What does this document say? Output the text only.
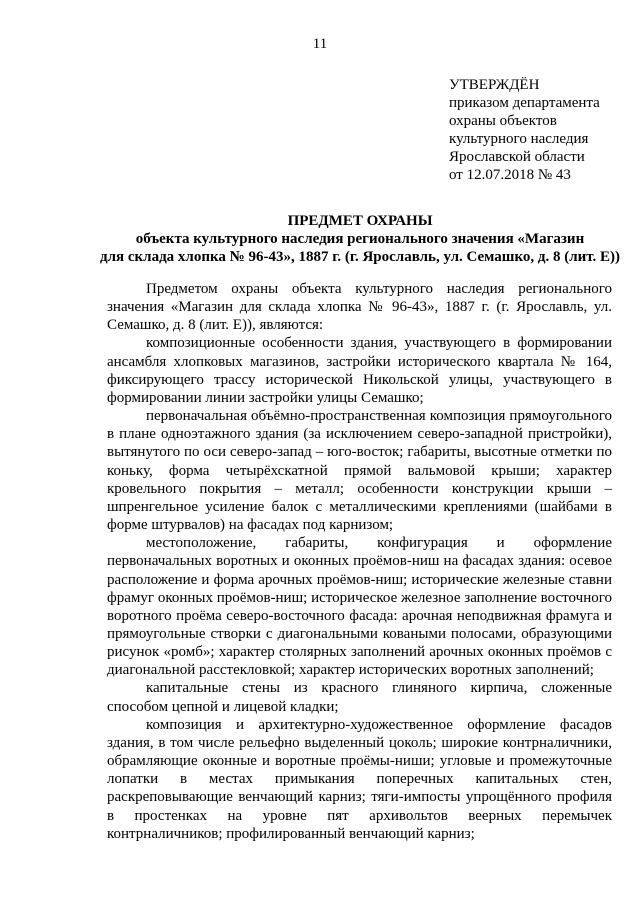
11
УТВЕРЖДЁН
приказом департамента
охраны объектов
культурного наследия
Ярославской области
от 12.07.2018 № 43
ПРЕДМЕТ ОХРАНЫ
объекта культурного наследия регионального значения «Магазин
для склада хлопка № 96-43», 1887 г. (г. Ярославль, ул. Семашко, д. 8 (лит. Е))

Предметом охраны объекта культурного наследия регионального значения «Магазин для склада хлопка № 96-43», 1887 г. (г. Ярославль, ул. Семашко, д. 8 (лит. Е)), являются:

композиционные особенности здания, участвующего в формировании ансамбля хлопковых магазинов, застройки исторического квартала № 164, фиксирующего трассу исторической Никольской улицы, участвующего в формировании линии застройки улицы Семашко;

первоначальная объёмно-пространственная композиция прямоугольного в плане одноэтажного здания (за исключением северо-западной пристройки), вытянутого по оси северо-запад – юго-восток; габариты, высотные отметки по коньку, форма четырёхскатной прямой вальмовой крыши; характер кровельного покрытия – металл; особенности конструкции крыши – шпренгельное усиление балок с металлическими креплениями (шайбами в форме штурвалов) на фасадах под карнизом;

местоположение, габариты, конфигурация и оформление первоначальных воротных и оконных проёмов-ниш на фасадах здания: осевое расположение и форма арочных проёмов-ниш; исторические железные ставни фрамуг оконных проёмов-ниш; историческое железное заполнение восточного воротного проёма северо-восточного фасада: арочная неподвижная фрамуга и прямоугольные створки с диагональными коваными полосами, образующими рисунок «ромб»; характер столярных заполнений арочных оконных проёмов с диагональной расстекловкой; характер исторических воротных заполнений;

капитальные стены из красного глиняного кирпича, сложенные способом цепной и лицевой кладки;

композиция и архитектурно-художественное оформление фасадов здания, в том числе рельефно выделенный цоколь; широкие контрналичники, обрамляющие оконные и воротные проёмы-ниши; угловые и промежуточные лопатки в местах примыкания поперечных капитальных стен, раскреповывающие венчающий карниз; тяги-импосты упрощённого профиля в простенках на уровне пят архивольтов веерных перемычек контрналичников; профилированный венчающий карниз;
